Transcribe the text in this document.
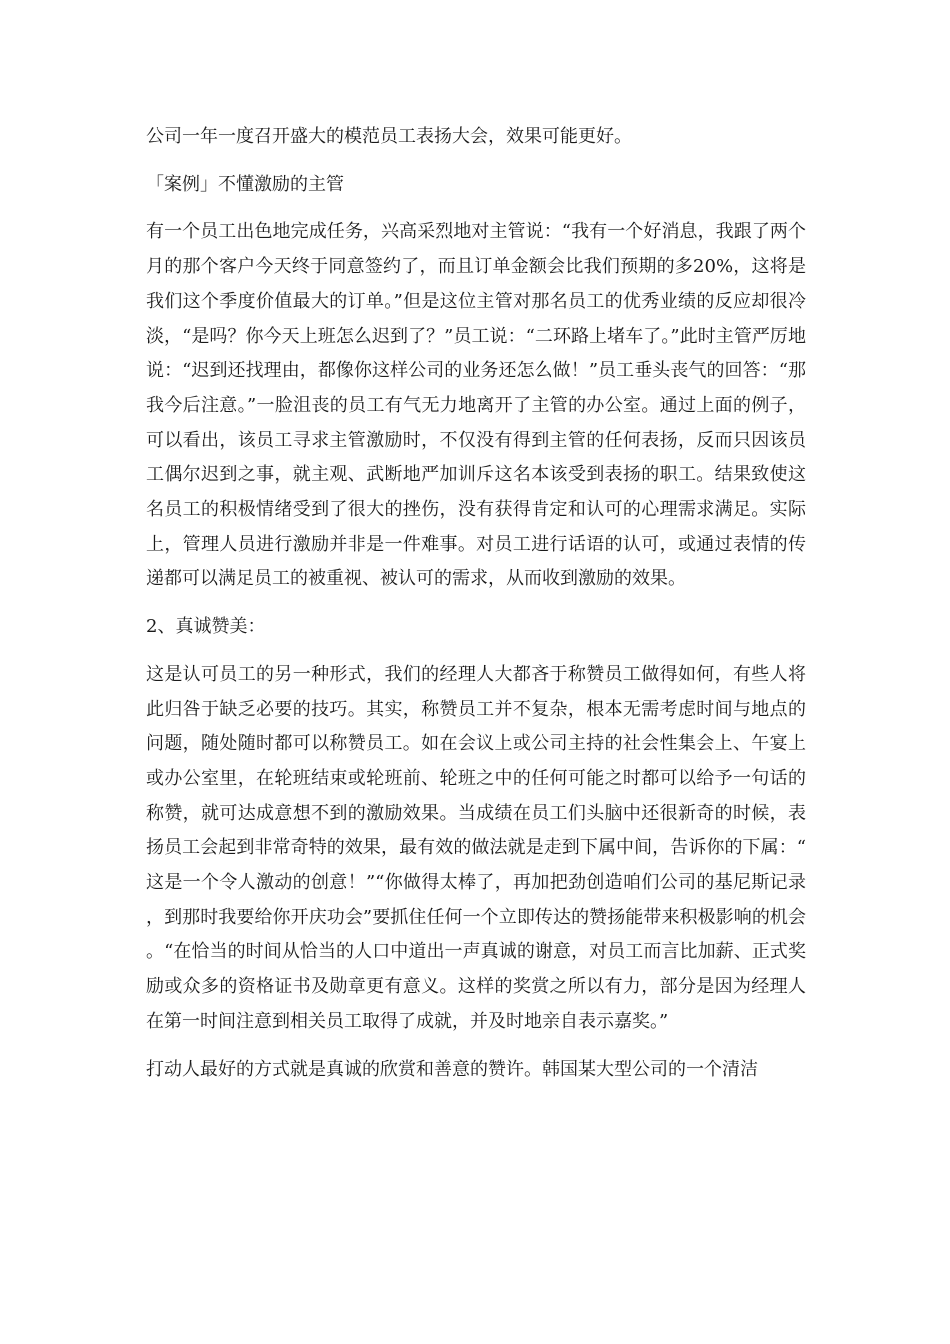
公司一年一度召开盛大的模范员工表扬大会，效果可能更好。

「案例」不懂激励的主管

有一个员工出色地完成任务，兴高采烈地对主管说：“我有一个好消息，我跟了两个月的那个客户今天终于同意签约了，而且订单金额会比我们预期的多20%，这将是我们这个季度价值最大的订单。”但是这位主管对那名员工的优秀业绩的反应却很冷淡，“是吗？你今天上班怎么迟到了？”员工说：“二环路上堵车了。”此时主管严厉地说：“迟到还找理由，都像你这样公司的业务还怎么做！”员工垂头丧气的回答：“那我今后注意。”一脸沮丧的员工有气无力地离开了主管的办公室。通过上面的例子，可以看出，该员工寻求主管激励时，不仅没有得到主管的任何表扬，反而只因该员工偶尔迟到之事，就主观、武断地严加训斥这名本该受到表扬的职工。结果致使这名员工的积极情绪受到了很大的挫伤，没有获得肯定和认可的心理需求满足。实际上，管理人员进行激励并非是一件难事。对员工进行话语的认可，或通过表情的传递都可以满足员工的被重视、被认可的需求，从而收到激励的效果。

2、真诚赞美：

这是认可员工的另一种形式，我们的经理人大都吝于称赞员工做得如何，有些人将此归咎于缺乏必要的技巧。其实，称赞员工并不复杂，根本无需考虑时间与地点的问题，随处随时都可以称赞员工。如在会议上或公司主持的社会性集会上、午宴上或办公室里，在轮班结束或轮班前、轮班之中的任何可能之时都可以给予一句话的称赞，就可达成意想不到的激励效果。当成绩在员工们头脑中还很新奇的时候，表扬员工会起到非常奇特的效果，最有效的做法就是走到下属中间，告诉你的下属：“这是一个令人激动的创意！”“你做得太棒了，再加把劲创造咱们公司的基尼斯记录，到那时我要给你开庆功会”要抓住任何一个立即传达的赞扬能带来积极影响的机会。“在恰当的时间从恰当的人口中道出一声真诚的谢意，对员工而言比加薪、正式奖励或众多的资格证书及勋章更有意义。这样的奖赏之所以有力，部分是因为经理人在第一时间注意到相关员工取得了成就，并及时地亲自表示嘉奖。”

打动人最好的方式就是真诚的欣赏和善意的赞许。韩国某大型公司的一个清洁
